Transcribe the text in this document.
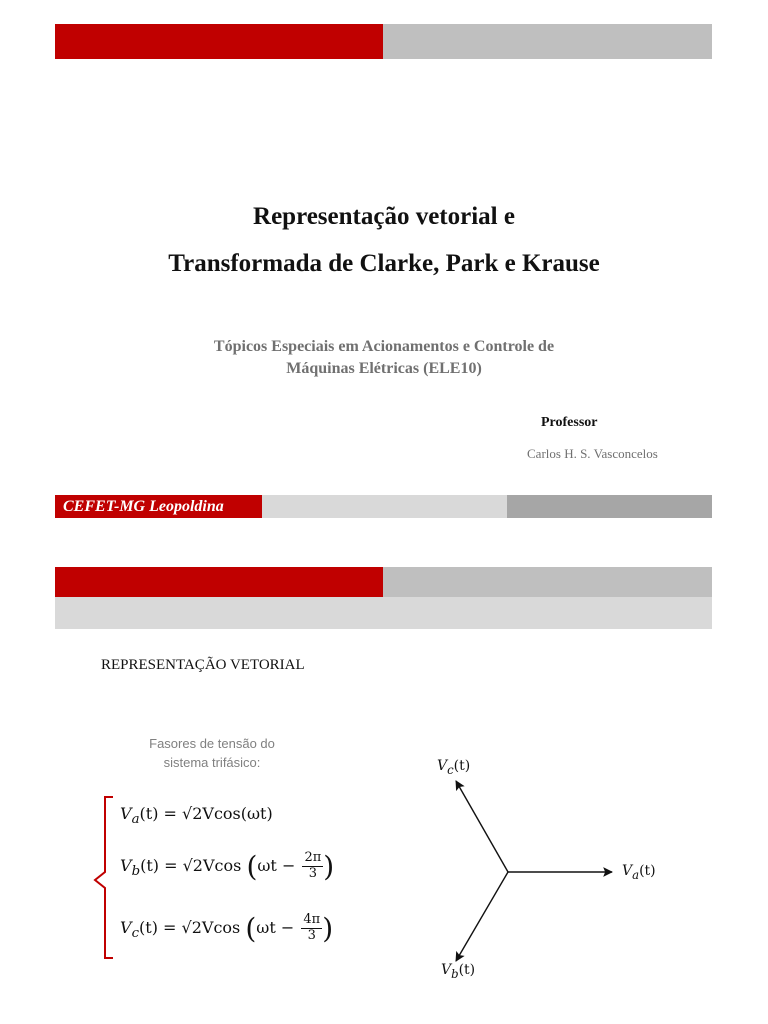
Representação vetorial e
Transformada de Clarke, Park e Krause
Tópicos Especiais em Acionamentos e Controle de
Máquinas Elétricas (ELE10)
Professor
Carlos H. S. Vasconcelos
CEFET-MG Leopoldina
REPRESENTAÇÃO VETORIAL
Fasores de tensão do
sistema trifásico:
$V_a(t) = √2Vcos(\omega t)$
$V_b(t) = √2Vcos$ ($\omega t - \frac{2\pi}{3}$ )
$V_c(t) = √2Vcos$ ($\omega t - \frac{4\pi}{3}$ )
$V_c(t)$
$V_a(t)$
$V_b(t)$
